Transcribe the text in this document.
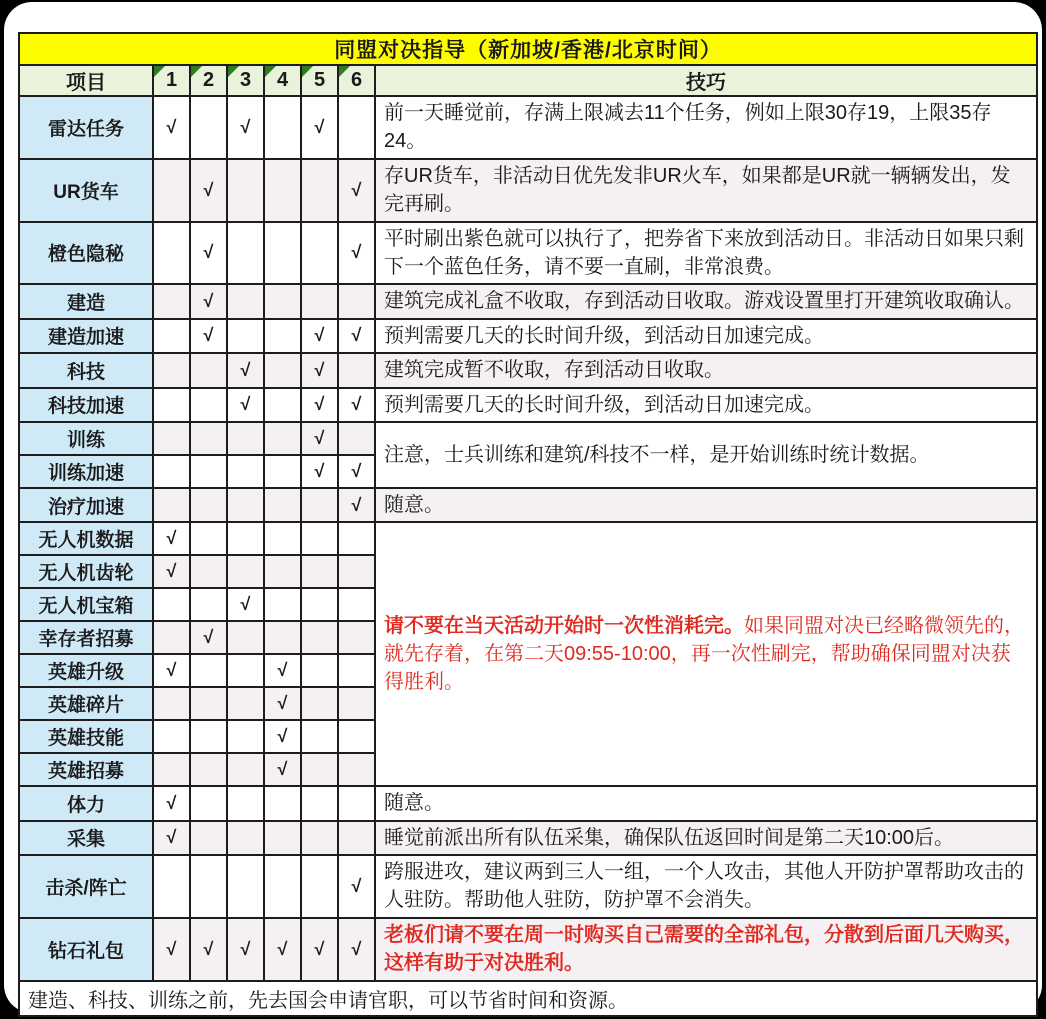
同盟对决指导（新加坡/香港/北京时间）							
项目	1	2	3	4	5	6	技巧
雷达任务	√		√		√		前一天睡觉前，存满上限减去11个任务，例如上限30存19，上限35存24。
UR货车		√				√	存UR货车，非活动日优先发非UR火车，如果都是UR就一辆辆发出，发完再刷。
橙色隐秘		√				√	平时刷出紫色就可以执行了，把券省下来放到活动日。非活动日如果只剩下一个蓝色任务，请不要一直刷，非常浪费。
建造		√					建筑完成礼盒不收取，存到活动日收取。游戏设置里打开建筑收取确认。
建造加速		√			√	√	预判需要几天的长时间升级，到活动日加速完成。
科技			√		√		建筑完成暂不收取，存到活动日收取。
科技加速			√		√	√	预判需要几天的长时间升级，到活动日加速完成。
训练					√		注意，士兵训练和建筑/科技不一样，是开始训练时统计数据。
训练加速					√	√	
治疗加速						√	随意。
无人机数据	√						请不要在当天活动开始时一次性消耗完。如果同盟对决已经略微领先的，就先存着，在第二天09:55-10:00，再一次性刷完，帮助确保同盟对决获得胜利。
无人机齿轮	√						
无人机宝箱			√				
幸存者招募		√					
英雄升级	√			√			
英雄碎片				√			
英雄技能				√			
英雄招募				√			
体力	√						随意。
采集	√						睡觉前派出所有队伍采集，确保队伍返回时间是第二天10:00后。
击杀/阵亡						√	跨服进攻，建议两到三人一组，一个人攻击，其他人开防护罩帮助攻击的人驻防。帮助他人驻防，防护罩不会消失。
钻石礼包	√	√	√	√	√	√	老板们请不要在周一时购买自己需要的全部礼包，分散到后面几天购买，这样有助于对决胜利。
建造、科技、训练之前，先去国会申请官职，可以节省时间和资源。							
